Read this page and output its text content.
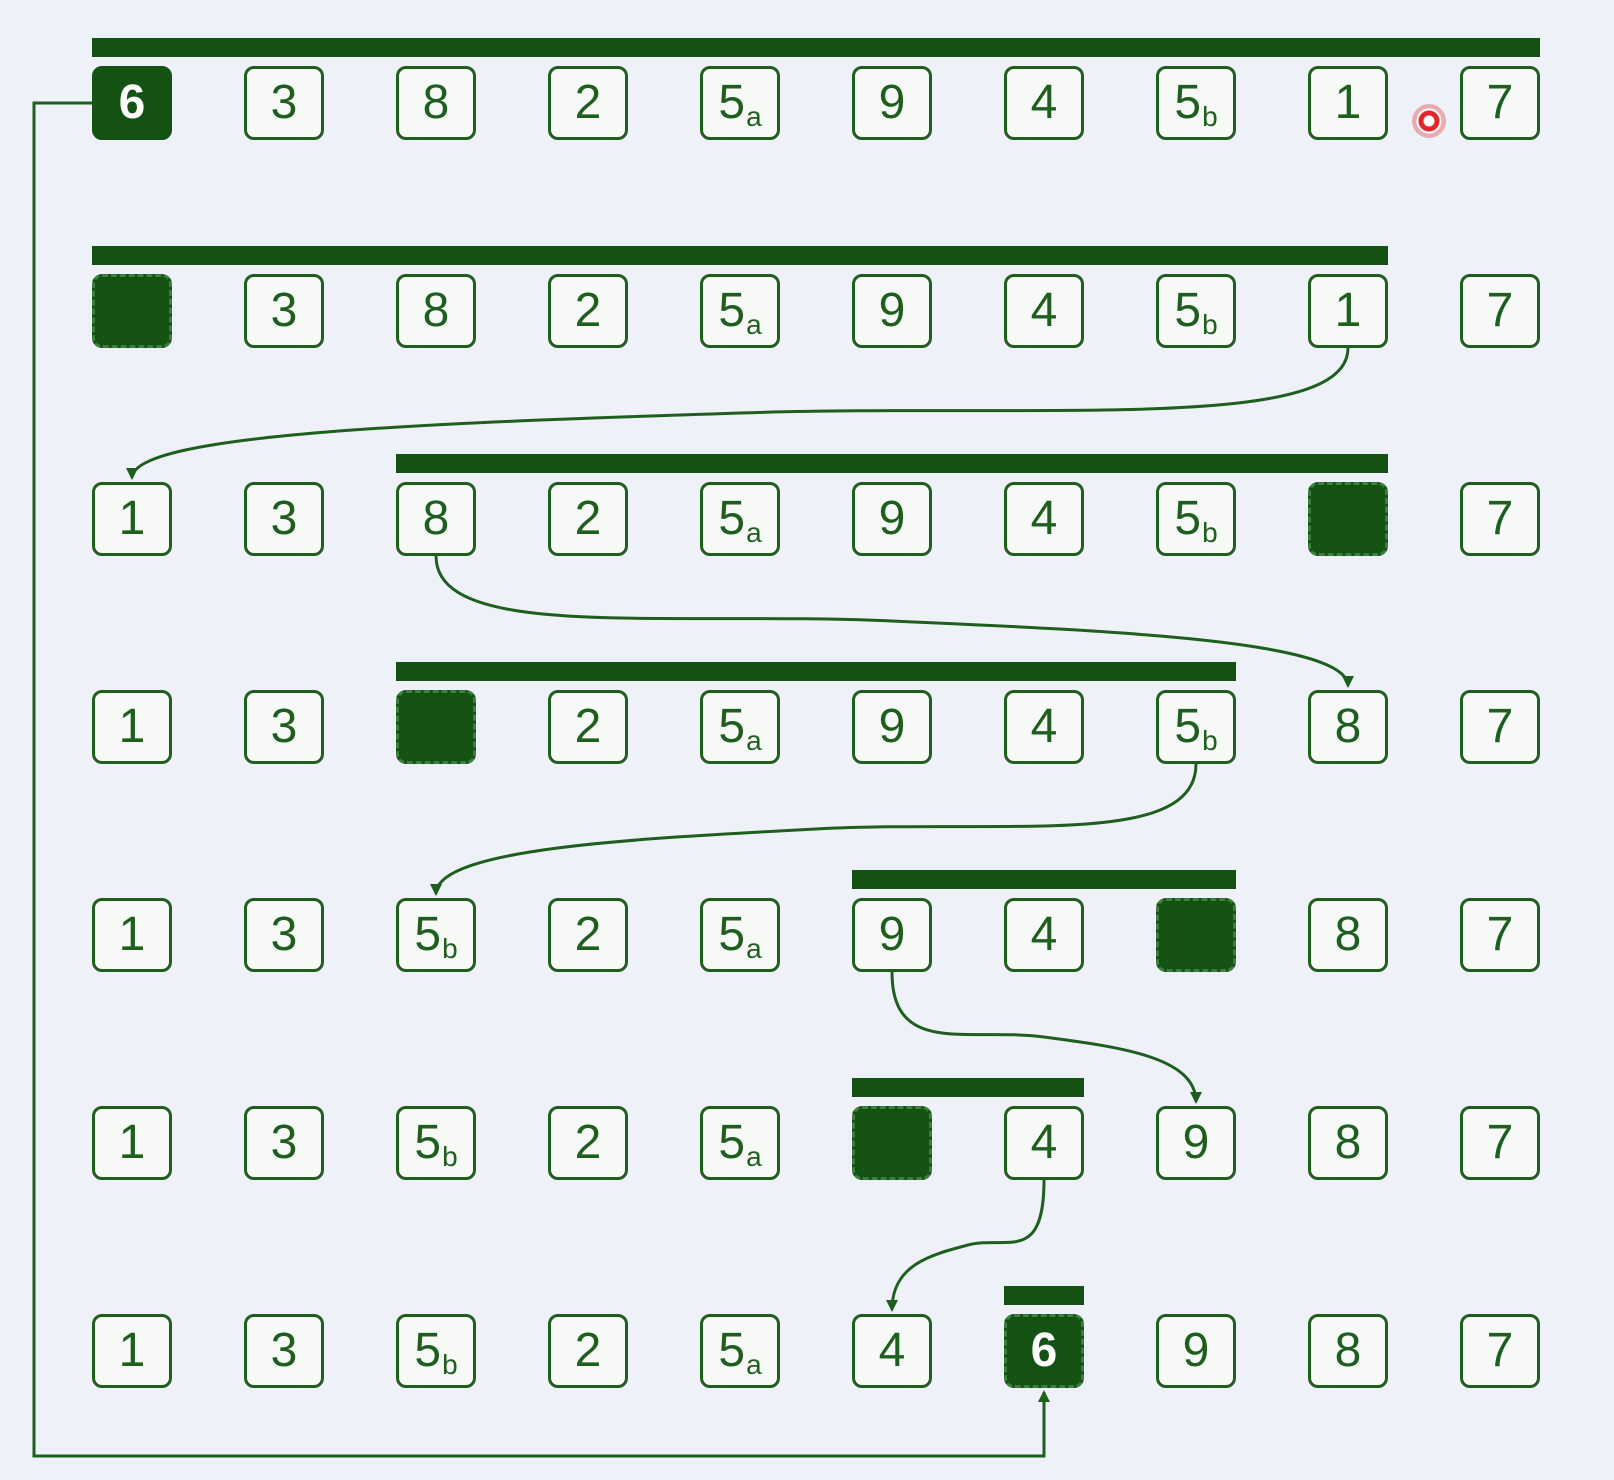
6	3	8	2 5 a 9	4 5 b 1	7
3	8	2 5 a 9	4 5 b 1	7
1	3	8	2 5 a 9	4 5 b	7
1	3	2 5 a 9	4 5 b 8	7
1	3 5 b 2 5 a 9	4	8	7
1	3 5 b 2 5 a	4	9	8	7
1	3 5 b 2 5 a 4	6	9	8	7
